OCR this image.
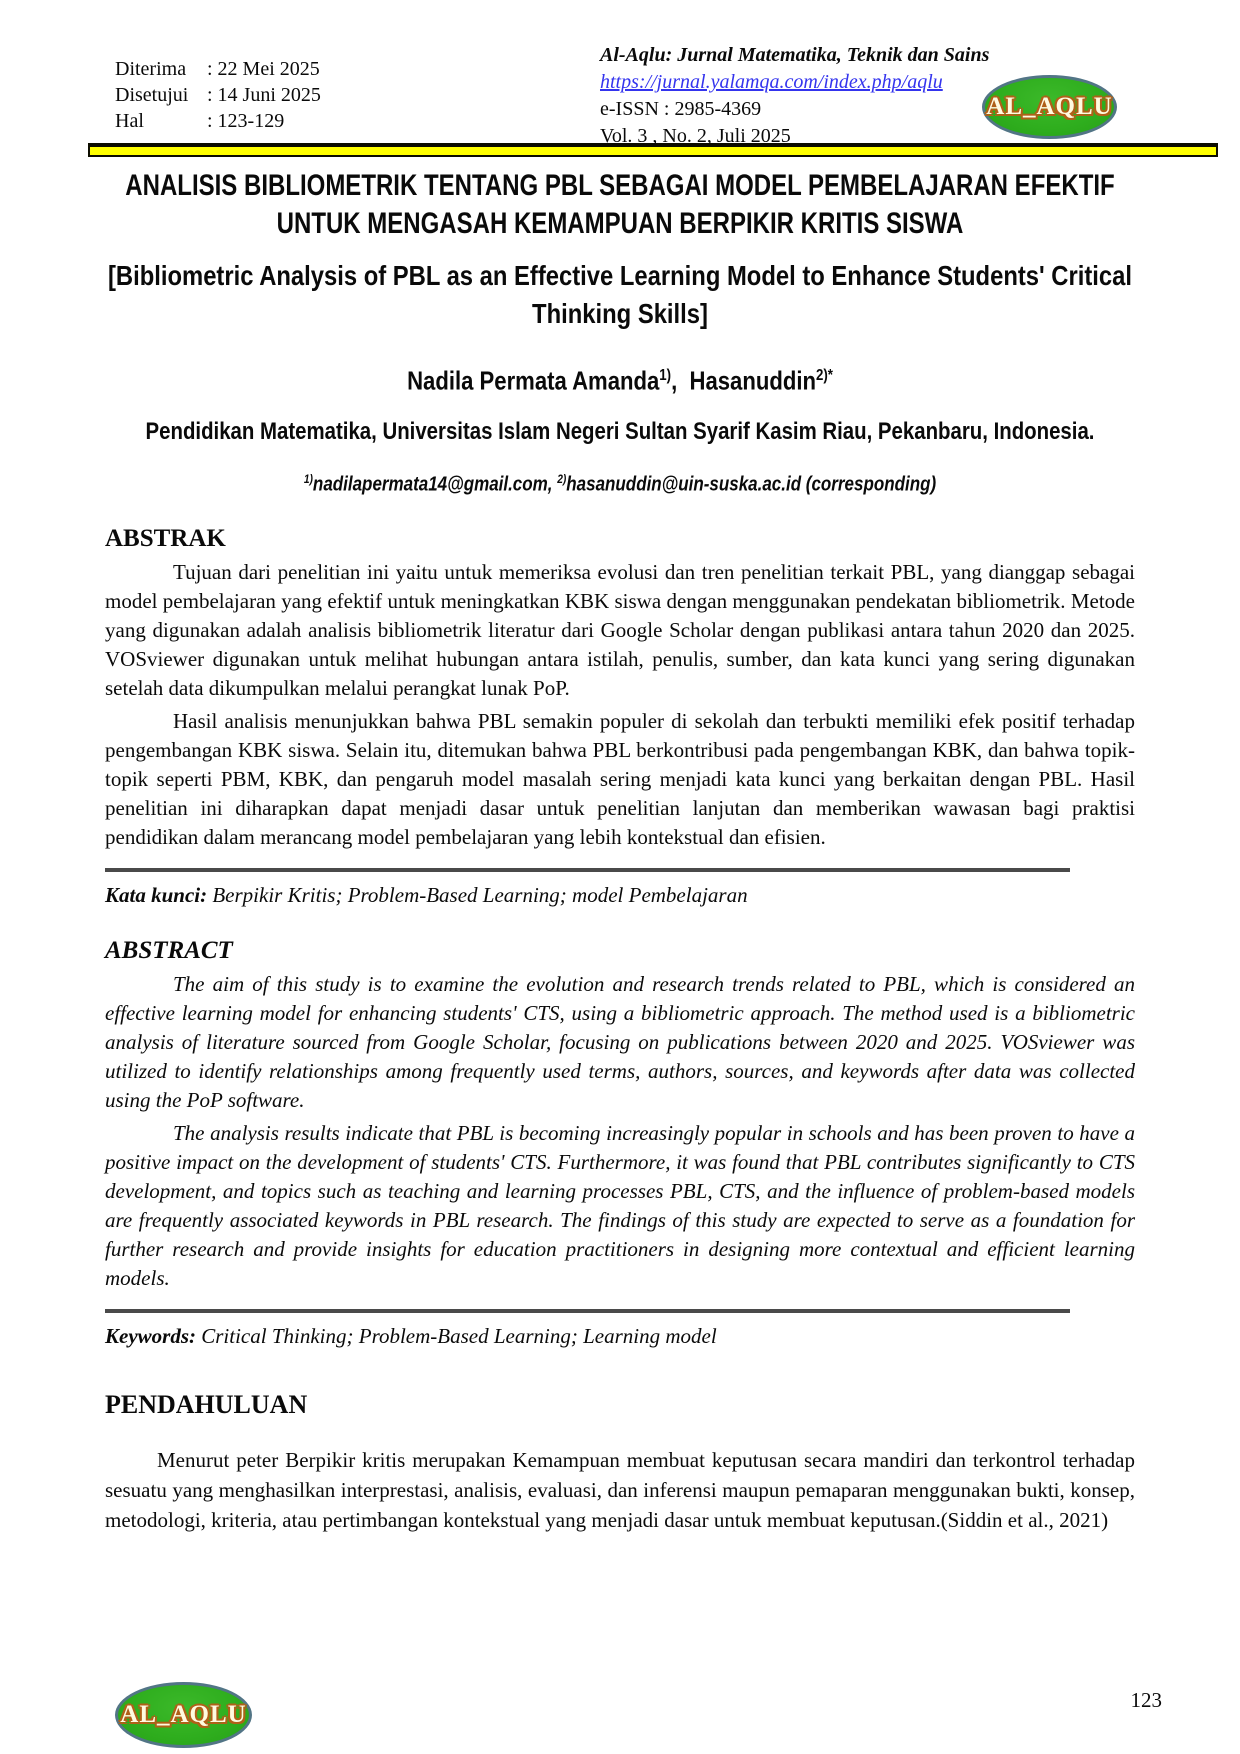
Diterima	: 22 Mei 2025
Disetujui : 14 Juni 2025
Hal	: 123-129
Al-Aqlu: Jurnal Matematika, Teknik dan Sains
https://jurnal.yalamqa.com/index.php/aqlu
e-ISSN : 2985-4369
Vol. 3 , No. 2, Juli 2025
AL_AQLU
ANALISIS BIBLIOMETRIK TENTANG PBL SEBAGAI MODEL PEMBELAJARAN EFEKTIF UNTUK MENGASAH KEMAMPUAN BERPIKIR KRITIS SISWA
[Bibliometric Analysis of PBL as an Effective Learning Model to Enhance Students' Critical Thinking Skills]
Nadila Permata Amanda$^{1)}$,  Hasanuddin$^{2)*}$
Pendidikan Matematika, Universitas Islam Negeri Sultan Syarif Kasim Riau, Pekanbaru, Indonesia.
$^{1)}$nadilapermata14@gmail.com, $^{2)}$hasanuddin@uin-suska.ac.id (corresponding)
ABSTRAK

Tujuan dari penelitian ini yaitu untuk memeriksa evolusi dan tren penelitian terkait PBL, yang dianggap sebagai model pembelajaran yang efektif untuk meningkatkan KBK siswa dengan menggunakan pendekatan bibliometrik. Metode yang digunakan adalah analisis bibliometrik literatur dari Google Scholar dengan publikasi antara tahun 2020 dan 2025. VOSviewer digunakan untuk melihat hubungan antara istilah, penulis, sumber, dan kata kunci yang sering digunakan setelah data dikumpulkan melalui perangkat lunak PoP.

Hasil analisis menunjukkan bahwa PBL semakin populer di sekolah dan terbukti memiliki efek positif terhadap pengembangan KBK siswa. Selain itu, ditemukan bahwa PBL berkontribusi pada pengembangan KBK, dan bahwa topik-topik seperti PBM, KBK, dan pengaruh model masalah sering menjadi kata kunci yang berkaitan dengan PBL. Hasil penelitian ini diharapkan dapat menjadi dasar untuk penelitian lanjutan dan memberikan wawasan bagi praktisi pendidikan dalam merancang model pembelajaran yang lebih kontekstual dan efisien.

Kata kunci: Berpikir Kritis; Problem-Based Learning; model Pembelajaran
ABSTRACT

The aim of this study is to examine the evolution and research trends related to PBL, which is considered an effective learning model for enhancing students' CTS, using a bibliometric approach. The method used is a bibliometric analysis of literature sourced from Google Scholar, focusing on publications between 2020 and 2025. VOSviewer was utilized to identify relationships among frequently used terms, authors, sources, and keywords after data was collected using the PoP software.

The analysis results indicate that PBL is becoming increasingly popular in schools and has been proven to have a positive impact on the development of students' CTS. Furthermore, it was found that PBL contributes significantly to CTS development, and topics such as teaching and learning processes PBL, CTS, and the influence of problem-based models are frequently associated keywords in PBL research. The findings of this study are expected to serve as a foundation for further research and provide insights for education practitioners in designing more contextual and efficient learning models.

Keywords: Critical Thinking; Problem-Based Learning; Learning model
PENDAHULUAN

Menurut peter Berpikir kritis merupakan Kemampuan membuat keputusan secara mandiri dan terkontrol terhadap sesuatu yang menghasilkan interprestasi, analisis, evaluasi, dan inferensi maupun pemaparan menggunakan bukti, konsep, metodologi, kriteria, atau pertimbangan kontekstual yang menjadi dasar untuk membuat keputusan.(Siddin et al., 2021)

AL_AQLU
123
